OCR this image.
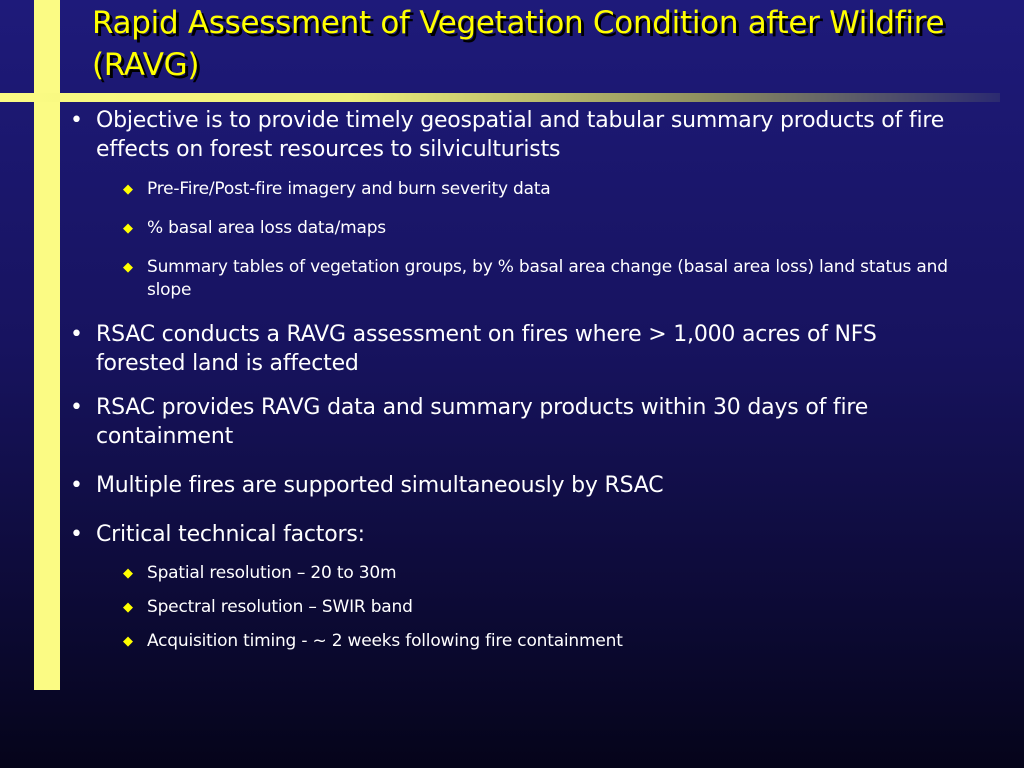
Rapid Assessment of Vegetation Condition after Wildfire (RAVG)
• Objective is to provide timely geospatial and tabular summary products of fire effects on forest resources to silviculturists
◆ Pre-Fire/Post-fire imagery and burn severity data
◆ % basal area loss data/maps
◆ Summary tables of vegetation groups, by % basal area change (basal area loss) land status and slope
• RSAC conducts a RAVG assessment on fires where > 1,000 acres of NFS forested land is affected
• RSAC provides RAVG data and summary products within 30 days of fire containment
• Multiple fires are supported simultaneously by RSAC
• Critical technical factors:
◆ Spatial resolution – 20 to 30m
◆ Spectral resolution – SWIR band
◆ Acquisition timing - ~ 2 weeks following fire containment
